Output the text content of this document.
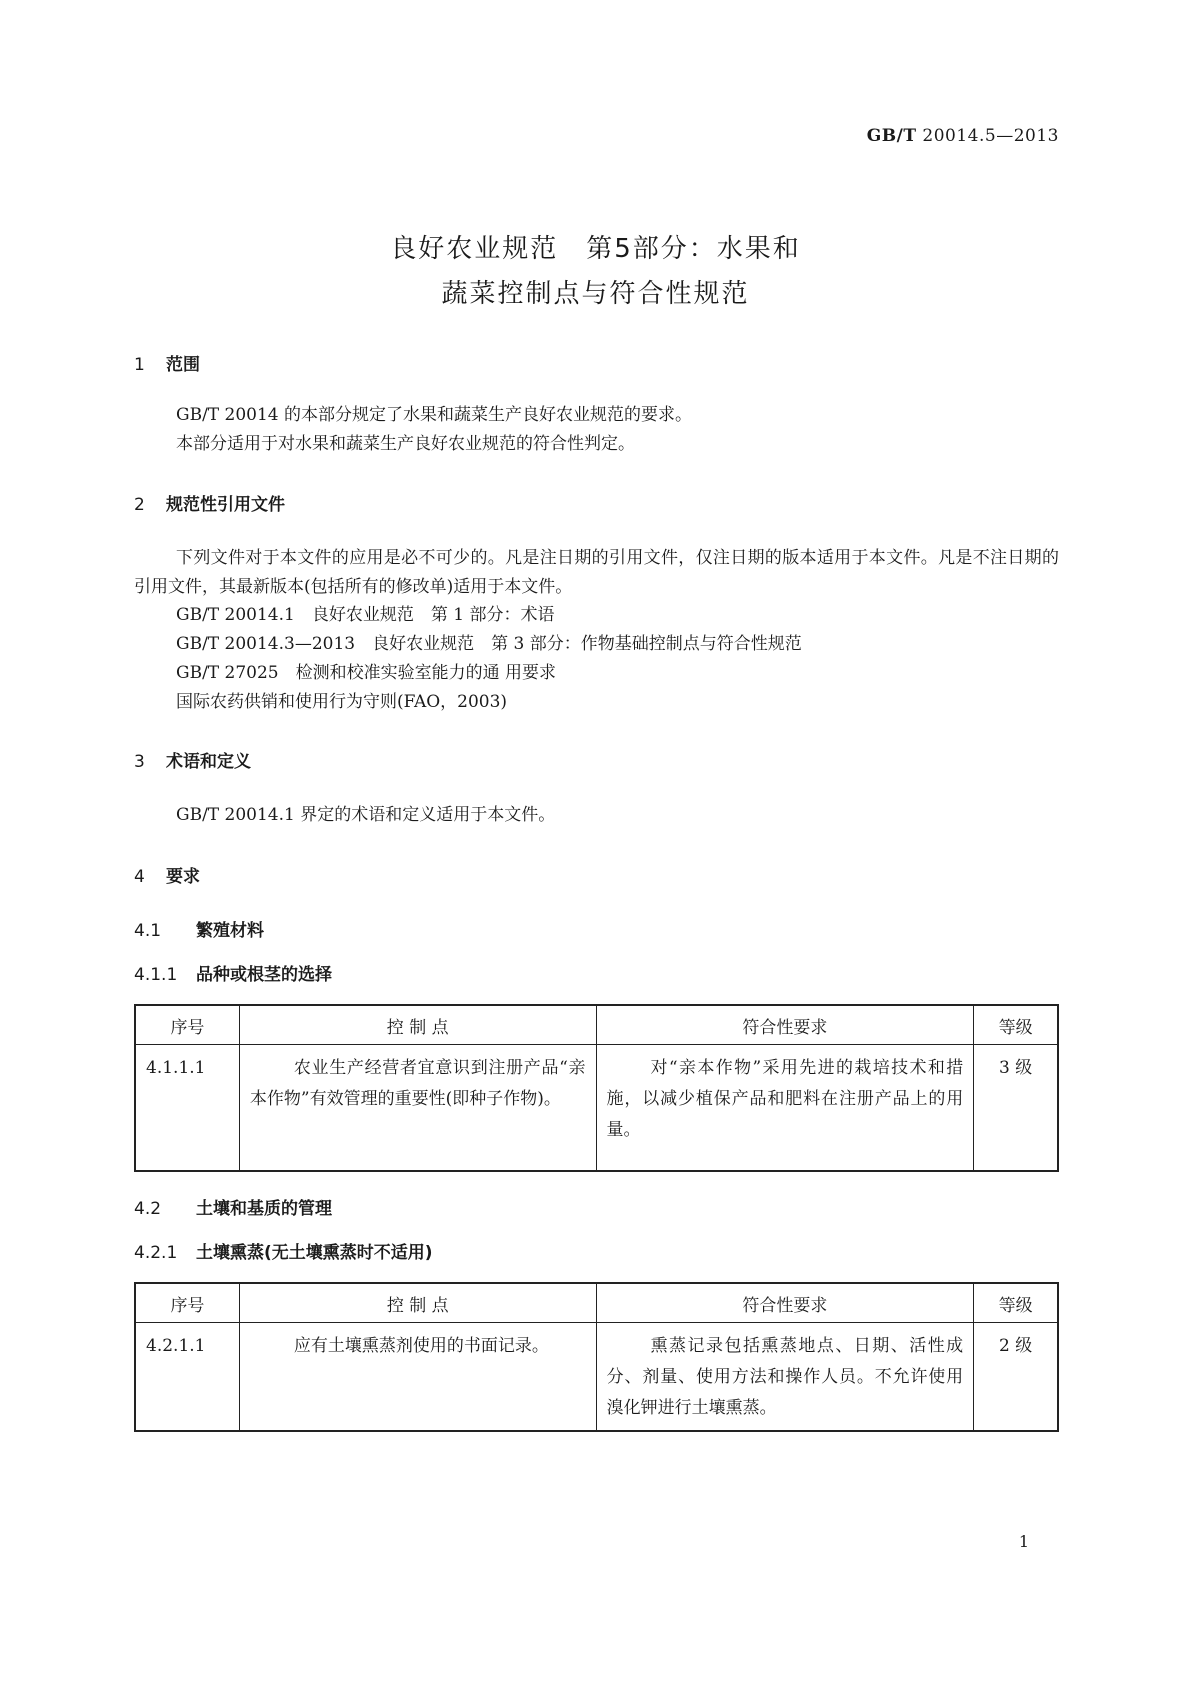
GB/T 20014.5—2013
良好农业规范　第5部分：水果和
蔬菜控制点与符合性规范
1 范围
GB/T 20014 的本部分规定了水果和蔬菜生产良好农业规范的要求。
本部分适用于对水果和蔬菜生产良好农业规范的符合性判定。
2 规范性引用文件
下列文件对于本文件的应用是必不可少的。凡是注日期的引用文件，仅注日期的版本适用于本文件。凡是不注日期的引用文件，其最新版本(包括所有的修改单)适用于本文件。
GB/T 20014.1　良好农业规范　第 1 部分：术语
GB/T 20014.3—2013　良好农业规范　第 3 部分：作物基础控制点与符合性规范
GB/T 27025　检测和校准实验室能力的通 用要求
国际农药供销和使用行为守则(FAO，2003)
3 术语和定义
GB/T 20014.1 界定的术语和定义适用于本文件。
4 要求
4.1 繁殖材料
4.1.1 品种或根茎的选择
序号	控 制 点	符合性要求	等级

4.1.1.1	农业生产经营者宜意识到注册产品“亲本作物”有效管理的重要性(即种子作物)。	对“亲本作物”采用先进的栽培技术和措施，以减少植保产品和肥料在注册产品上的用量。	3 级
4.2 土壤和基质的管理
4.2.1 土壤熏蒸(无土壤熏蒸时不适用)
序号	控 制 点	符合性要求	等级

4.2.1.1	应有土壤熏蒸剂使用的书面记录。	熏蒸记录包括熏蒸地点、日期、活性成分、剂量、使用方法和操作人员。不允许使用溴化钾进行土壤熏蒸。	2 级
1
